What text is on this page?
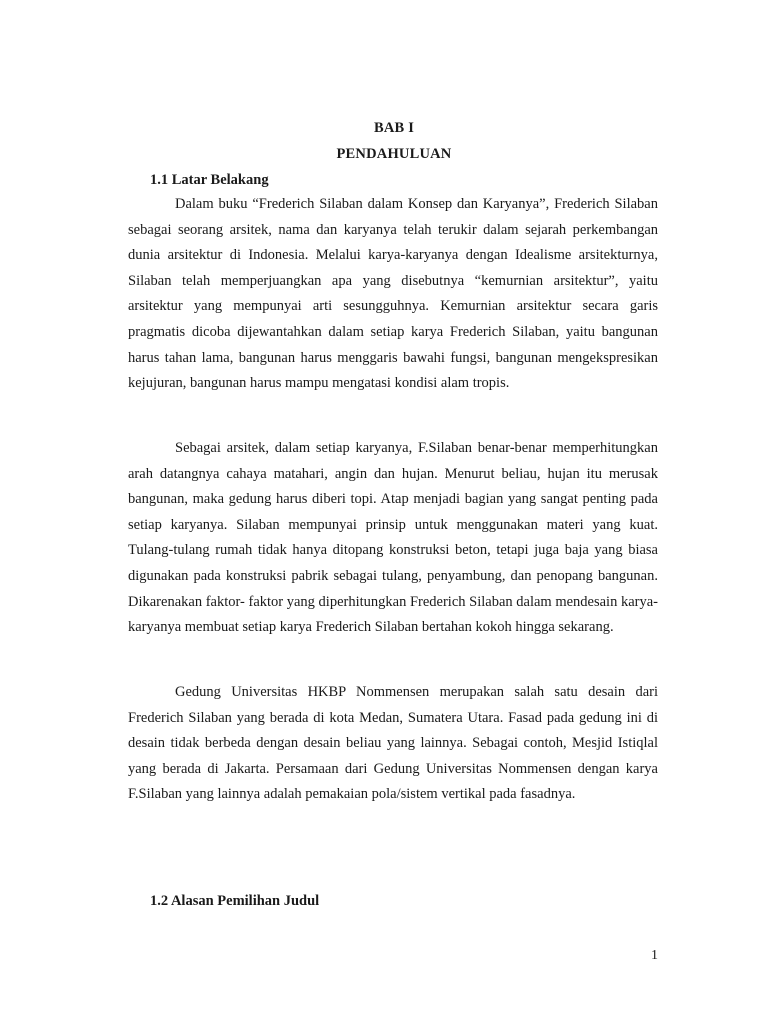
BAB I
PENDAHULUAN
1.1 Latar Belakang

Dalam buku “Frederich Silaban dalam Konsep dan Karyanya”, Frederich Silaban sebagai seorang arsitek, nama dan karyanya telah terukir dalam sejarah perkembangan dunia arsitektur di Indonesia. Melalui karya-karyanya dengan Idealisme arsitekturnya, Silaban telah memperjuangkan apa yang disebutnya “kemurnian arsitektur”, yaitu arsitektur yang mempunyai arti sesungguhnya. Kemurnian arsitektur secara garis pragmatis dicoba dijewantahkan dalam setiap karya Frederich Silaban, yaitu bangunan harus tahan lama, bangunan harus menggaris bawahi fungsi, bangunan mengekspresikan kejujuran, bangunan harus mampu mengatasi kondisi alam tropis.

Sebagai arsitek, dalam setiap karyanya, F.Silaban benar-benar memperhitungkan arah datangnya cahaya matahari, angin dan hujan. Menurut beliau, hujan itu merusak bangunan, maka gedung harus diberi topi. Atap menjadi bagian yang sangat penting pada setiap karyanya. Silaban mempunyai prinsip untuk menggunakan materi yang kuat. Tulang-tulang rumah tidak hanya ditopang konstruksi beton, tetapi juga baja yang biasa digunakan pada konstruksi pabrik sebagai tulang, penyambung, dan penopang bangunan. Dikarenakan faktor- faktor yang diperhitungkan Frederich Silaban dalam mendesain karya-karyanya membuat setiap karya Frederich Silaban bertahan kokoh hingga sekarang.

Gedung Universitas HKBP Nommensen merupakan salah satu desain dari Frederich Silaban yang berada di kota Medan, Sumatera Utara. Fasad pada gedung ini di desain tidak berbeda dengan desain beliau yang lainnya. Sebagai contoh, Mesjid Istiqlal yang berada di Jakarta. Persamaan dari Gedung Universitas Nommensen dengan karya F.Silaban yang lainnya adalah pemakaian pola/sistem vertikal pada fasadnya.

1.2 Alasan Pemilihan Judul
1
